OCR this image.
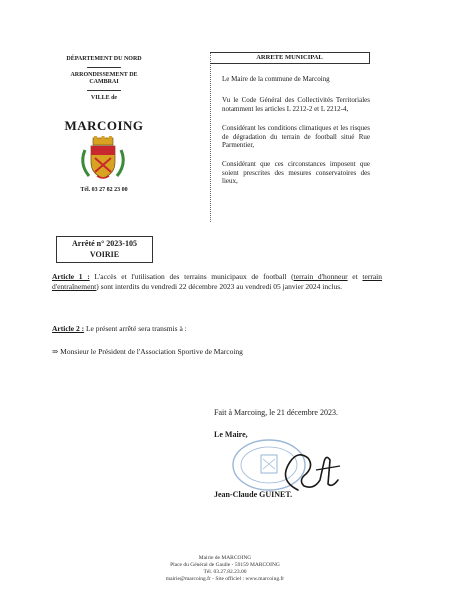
DÉPARTEMENT DU NORD
ARRONDISSEMENT DE CAMBRAI
VILLE de
MARCOING
Tél. 03 27 82 23 00
Arrêté n° 2023-105
VOIRIE
ARRETE MUNICIPAL
Le Maire de la commune de Marcoing
Vu le Code Général des Collectivités Territoriales notamment les articles L 2212-2 et L 2212-4,
Considérant les conditions climatiques et les risques de dégradation du terrain de football situé Rue Parmentier,
Considérant que ces circonstances imposent que soient prescrites des mesures conservatoires des lieux,
Article 1 : L'accès et l'utilisation des terrains municipaux de football (terrain d'honneur et terrain d'entraînement) sont interdits du vendredi 22 décembre 2023 au vendredi 05 janvier 2024 inclus.
Article 2 : Le présent arrêté sera transmis à :
⇒ Monsieur le Président de l'Association Sportive de Marcoing
Fait à Marcoing, le 21 décembre 2023.
Le Maire,
Jean-Claude GUINET.
Mairie de MARCOING
Place du Général de Gaulle - 59159 MARCOING
Tél. 03.27.82.23.00
mairie@marcoing.fr - Site officiel : www.marcoing.fr
